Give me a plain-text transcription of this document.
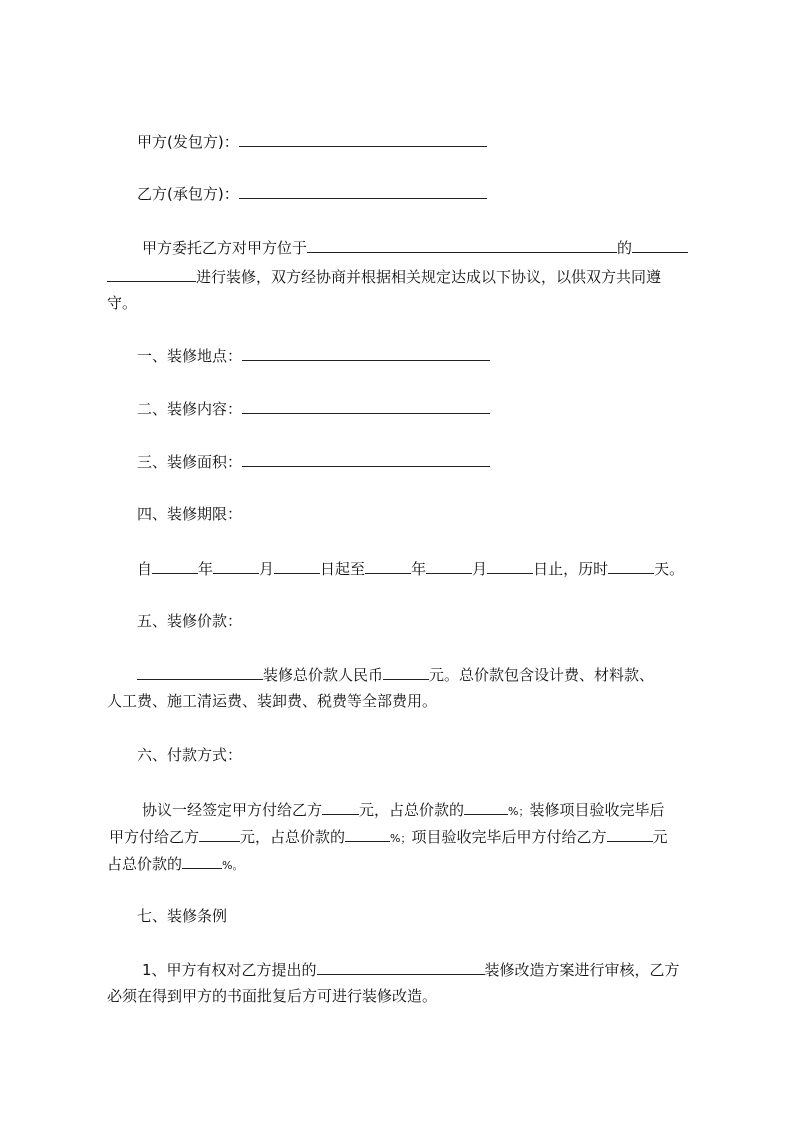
甲方(发包方)：
乙方(承包方)：
甲方委托乙方对甲方位于	的
进行装修，双方经协商并根据相关规定达成以下协议，以供双方共同遵
守。
一、装修地点：
二、装修内容：
三、装修面积：
四、装修期限：
自	年	月	日起至	年	月	日止，历时	天。
五、装修价款：
装修总价款人民币	元。总价款包含设计费、材料款、
人工费、施工清运费、装卸费、税费等全部费用。
六、付款方式：
协议一经签定甲方付给乙方 元，占总价款的	%；装修项目验收完毕后
甲方付给乙方	元，占总价款的	%；项目验收完毕后甲方付给乙方	元
占总价款的	%。
七、装修条例
1、甲方有权对乙方提出的	装修改造方案进行审核，乙方
必须在得到甲方的书面批复后方可进行装修改造。
